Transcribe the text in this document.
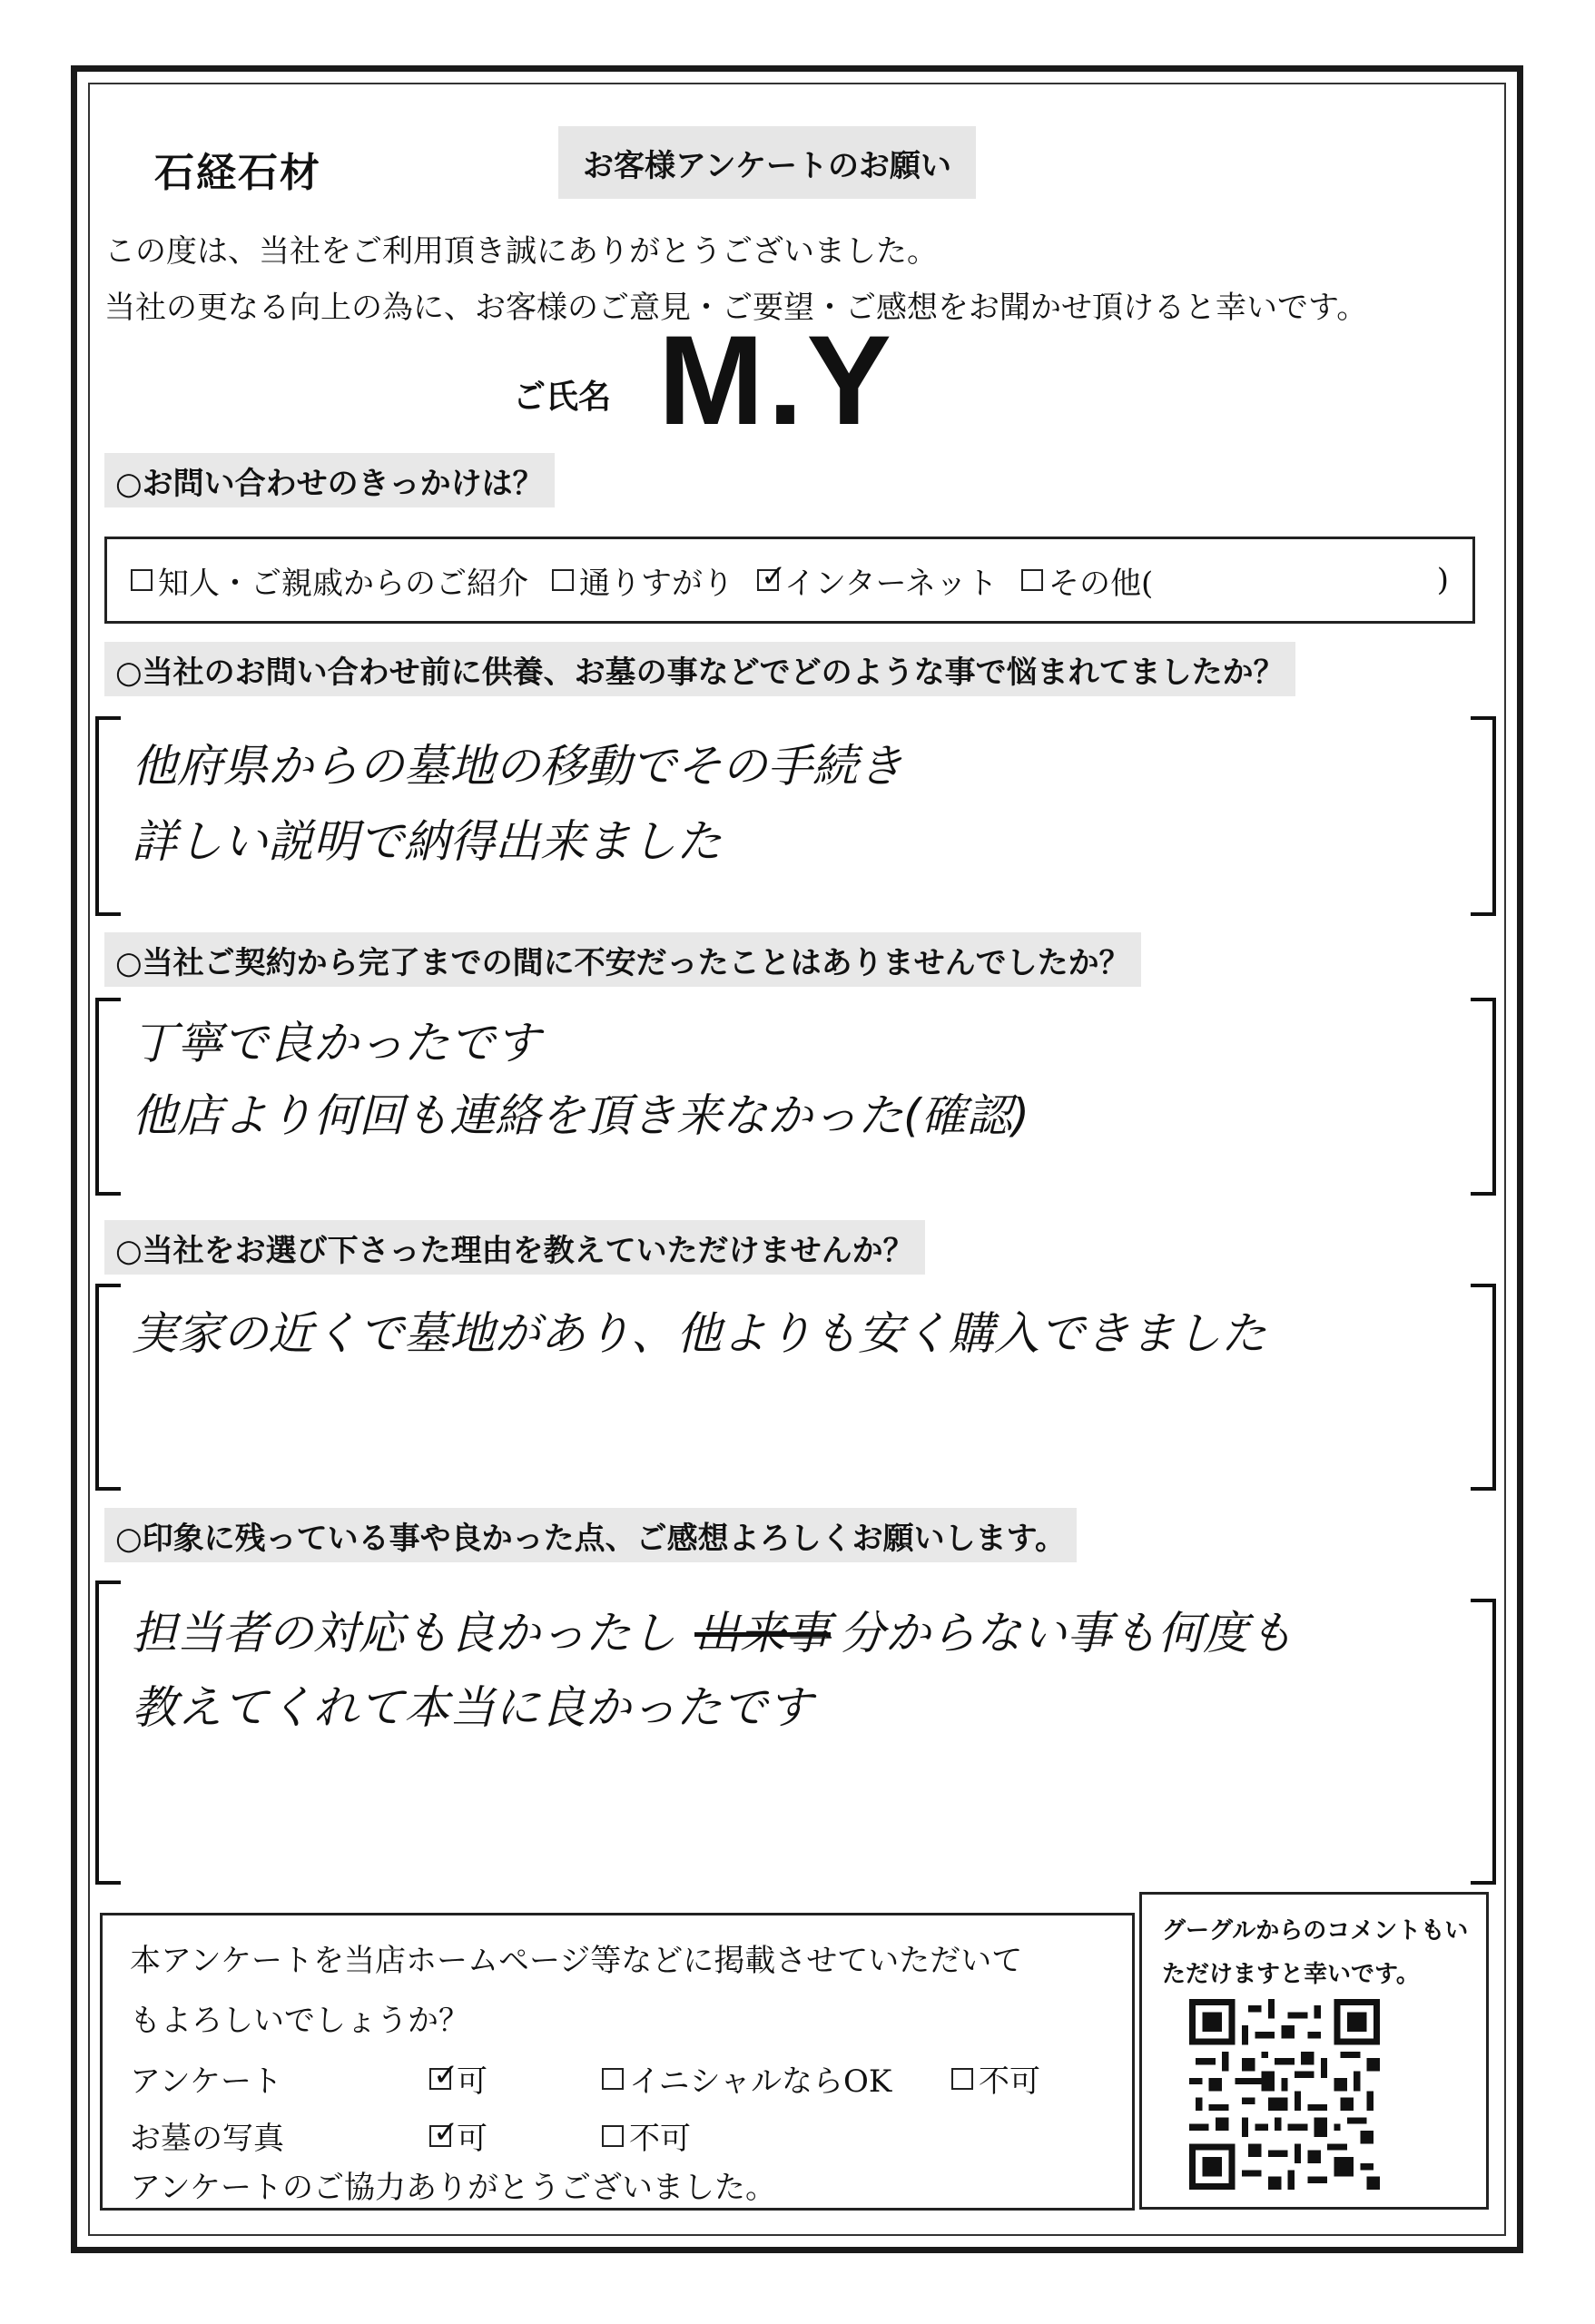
石経石材	お客様アンケートのお願い
この度は、当社をご利用頂き誠にありがとうございました。
当社の更なる向上の為に、お客様のご意見・ご要望・ご感想をお聞かせ頂けると幸いです。
ご氏名 M.Y
○お問い合わせのきっかけは？
知人・ご親戚からのご紹介 通りすがり ✓ インターネット その他(	)
○当社のお問い合わせ前に供養、お墓の事などでどのような事で悩まれてましたか？
他府県からの墓地の移動でその手続き
詳しい説明で納得出来ました
○当社ご契約から完了までの間に不安だったことはありませんでしたか？
丁寧で良かったです
他店より何回も連絡を頂き来なかった(確認)
○当社をお選び下さった理由を教えていただけませんか？
実家の近くで墓地があり、他よりも安く購入できました
○印象に残っている事や良かった点、ご感想よろしくお願いします。
担当者の対応も良かったし 出来事 分からない事も何度も
教えてくれて本当に良かったです
本アンケートを当店ホームページ等などに掲載させていただいて
もよろしいでしょうか？
アンケート ✓	可	イニシャルならOK	不可
お墓の写真 ✓	可	不可
アンケートのご協力ありがとうございました。
グーグルからのコメントもいただけますと幸いです。
